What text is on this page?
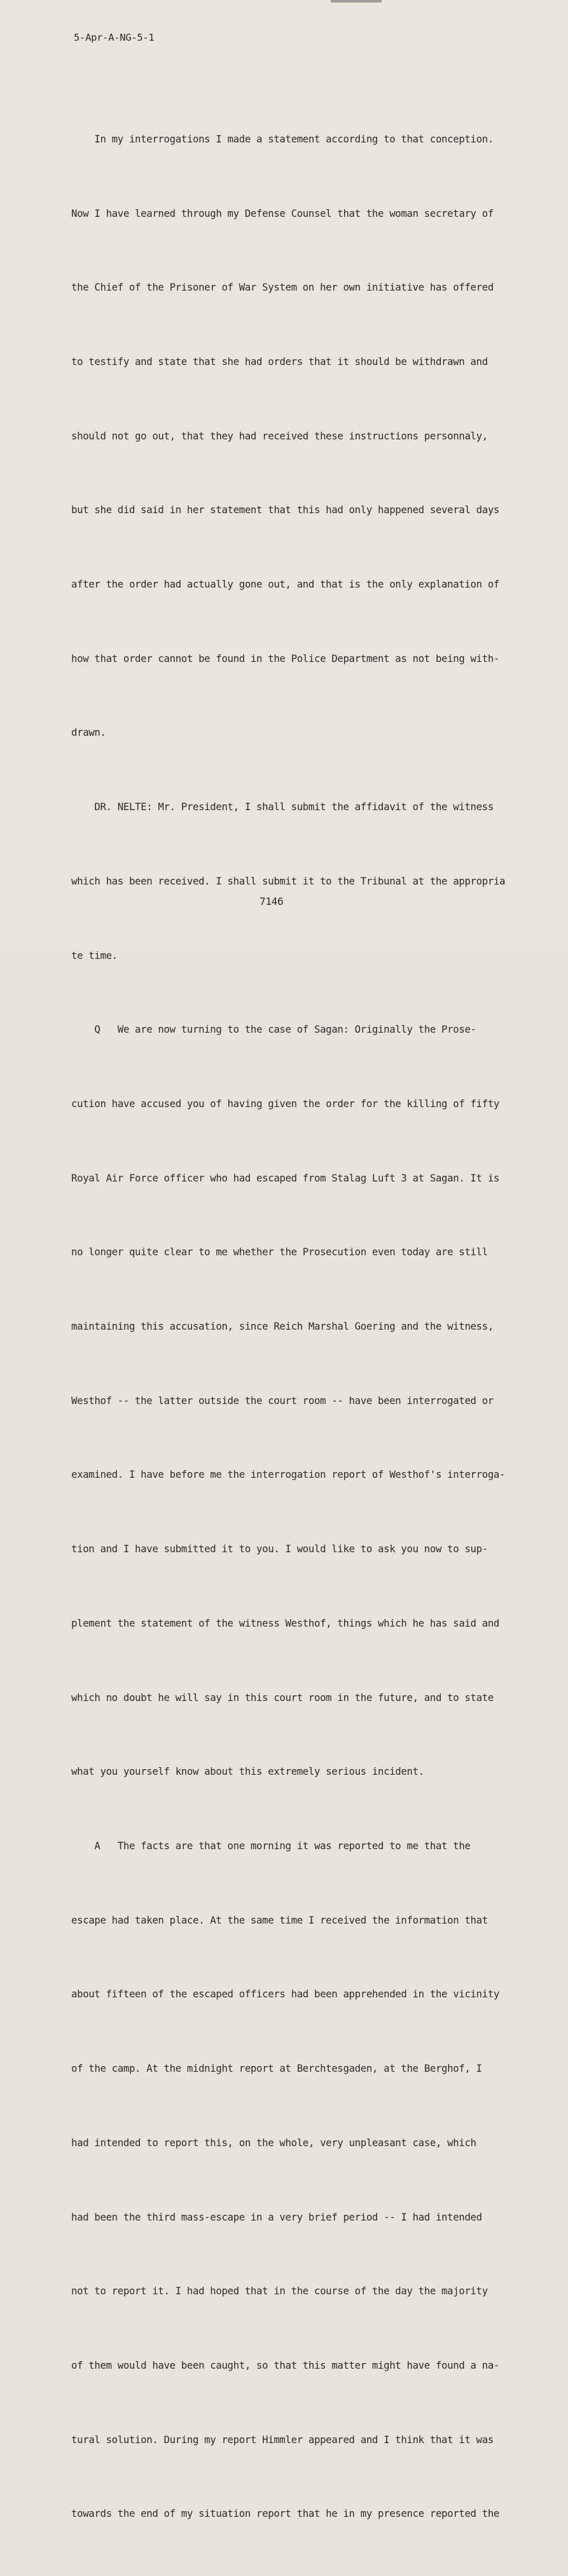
5-Apr-A-NG-5-1

In my interrogations I made a statement according to that conception.

Now I have learned through my Defense Counsel that the woman secretary of

the Chief of the Prisoner of War System on her own initiative has offered

to testify and state that she had orders that it should be withdrawn and

should not go out, that they had received these instructions personnaly,

but she did said in her statement that this had only happened several days

after the order had actually gone out, and that is the only explanation of

how that order cannot be found in the Police Department as not being with-

drawn.

DR. NELTE: Mr. President, I shall submit the affidavit of the witness

which has been received. I shall submit it to the Tribunal at the appropria

te time.

Q   We are now turning to the case of Sagan: Originally the Prose-

cution have accused you of having given the order for the killing of fifty

Royal Air Force officer who had escaped from Stalag Luft 3 at Sagan. It is

no longer quite clear to me whether the Prosecution even today are still

maintaining this accusation, since Reich Marshal Goering and the witness,

Westhof -- the latter outside the court room -- have been interrogated or

examined. I have before me the interrogation report of Westhof's interroga-

tion and I have submitted it to you. I would like to ask you now to sup-

plement the statement of the witness Westhof, things which he has said and

which no doubt he will say in this court room in the future, and to state

what you yourself know about this extremely serious incident.

A   The facts are that one morning it was reported to me that the

escape had taken place. At the same time I received the information that

about fifteen of the escaped officers had been apprehended in the vicinity

of the camp. At the midnight report at Berchtesgaden, at the Berghof, I

had intended to report this, on the whole, very unpleasant case, which

had been the third mass-escape in a very brief period -- I had intended

not to report it. I had hoped that in the course of the day the majority

of them would have been caught, so that this matter might have found a na-

tural solution. During my report Himmler appeared and I think that it was

towards the end of my situation report that he in my presence reported the

7146
